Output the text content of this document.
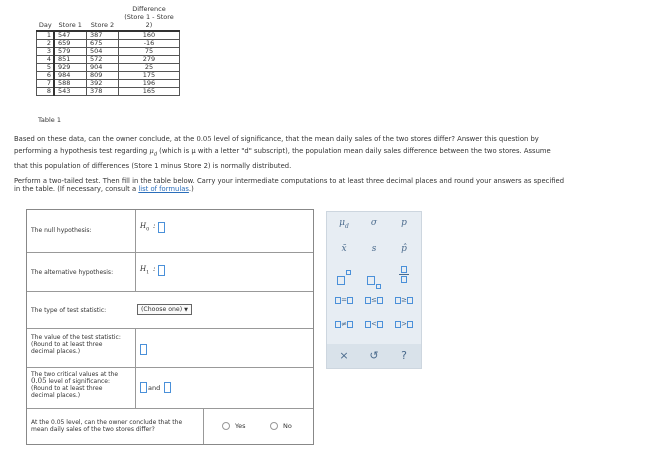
Day	Store 1	Store 2	Difference
(Store 1 - Store 2)

1	547	387	160
2	659	675	-16
3	579	504	75
4	851	572	279
5	929	904	25
6	984	809	175
7	588	392	196
8	543	378	165
Table 1
Based on these data, can the owner conclude, at the 0.05 level of significance, that the mean daily sales of the two stores differ? Answer this question by
performing a hypothesis test regarding $\mu_d$ (which is μ with a letter "d" subscript), the population mean daily sales difference between the two stores. Assume
that this population of differences (Store 1 minus Store 2) is normally distributed.
Perform a two-tailed test. Then fill in the table below. Carry your intermediate computations to at least three decimal places and round your answers as specified
in the table. (If necessary, consult a list of formulas.)
The null hypothesis:
$H_0$ :
The alternative hypothesis:	$H_1$ :
The type of test statistic:	(Choose one) ▼
The value of the test statistic:
(Round to at least three
decimal places.)
The two critical values at the
0.05 level of significance:
(Round to at least three
decimal places.)
and
At the 0.05 level, can the owner conclude that the
mean daily sales of the two stores differ?	Yes	No
$\mu_d$	σ	p
x̄	s	p̂
=	≤	≥
≠	<	>
×	↺	?
